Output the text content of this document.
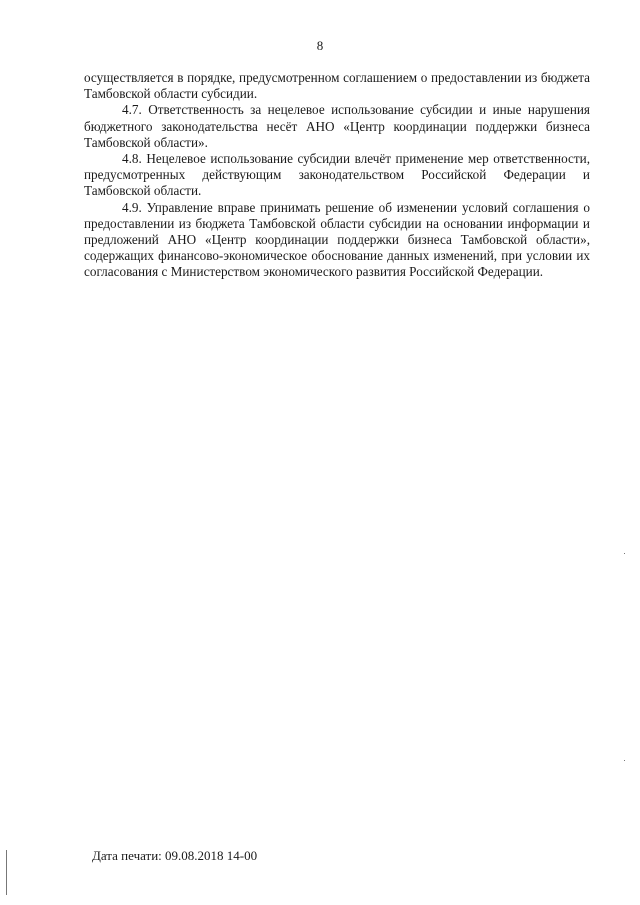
8

осуществляется в порядке, предусмотренном соглашением о предоставлении из бюджета Тамбовской области субсидии.

4.7. Ответственность за нецелевое использование субсидии и иные нарушения бюджетного законодательства несёт АНО «Центр координации поддержки бизнеса Тамбовской области».

4.8. Нецелевое использование субсидии влечёт применение мер ответственности, предусмотренных действующим законодательством Российской Федерации и Тамбовской области.

4.9. Управление вправе принимать решение об изменении условий соглашения о предоставлении из бюджета Тамбовской области субсидии на основании информации и предложений АНО «Центр координации поддержки бизнеса Тамбовской области», содержащих финансово-экономическое обоснование данных изменений, при условии их согласования с Министерством экономического развития Российской Федерации.

Дата печати: 09.08.2018 14-00
